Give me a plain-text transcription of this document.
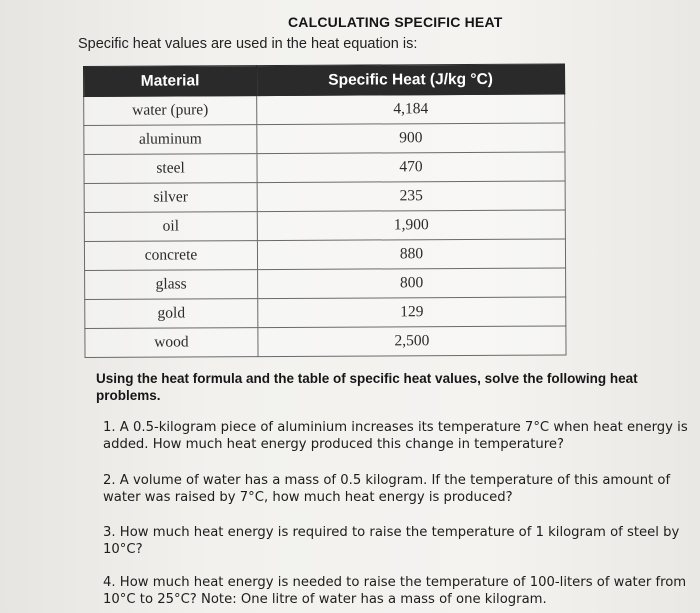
CALCULATING SPECIFIC HEAT
Specific heat values are used in the heat equation is:
Material	Specific Heat (J/kg °C)
water (pure)	4,184
aluminum	900
steel	470
silver	235
oil	1,900
concrete	880
glass	800
gold	129
wood	2,500
Using the heat formula and the table of specific heat values, solve the following heat problems.
1. A 0.5-kilogram piece of aluminium increases its temperature 7°C when heat energy is added. How much heat energy produced this change in temperature?
2. A volume of water has a mass of 0.5 kilogram. If the temperature of this amount of water was raised by 7°C, how much heat energy is produced?
3. How much heat energy is required to raise the temperature of 1 kilogram of steel by 10°C?
4. How much heat energy is needed to raise the temperature of 100-liters of water from 10°C to 25°C? Note: One litre of water has a mass of one kilogram.
